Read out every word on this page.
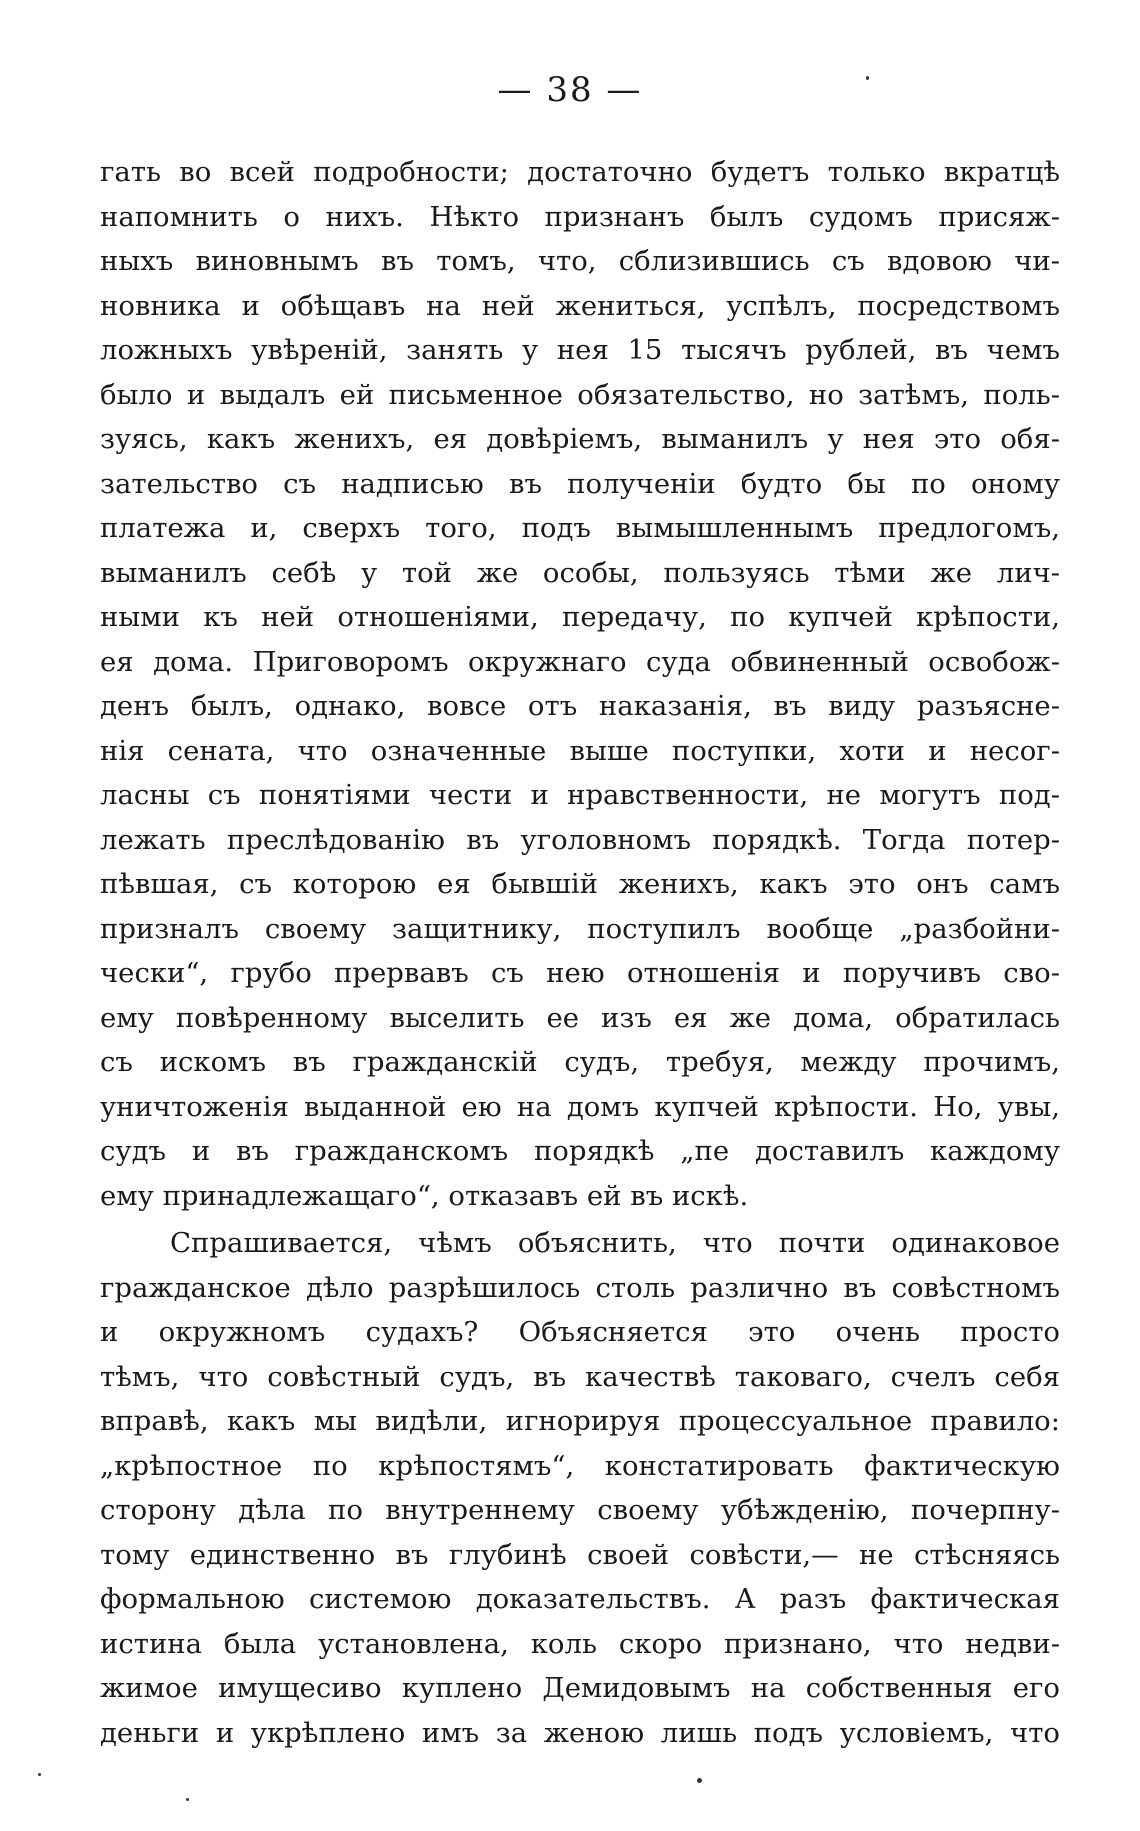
— 38 —
гать во всей подробности; достаточно будетъ только вкратцѣ
напомнить о нихъ. Нѣкто признанъ былъ судомъ присяж-
ныхъ виновнымъ въ томъ, что, сблизившись съ вдовою чи-
новника и обѣщавъ на ней жениться, успѣлъ, посредствомъ
ложныхъ увѣреній, занять у нея 15 тысячъ рублей, въ чемъ
было и выдалъ ей письменное обязательство, но затѣмъ, поль-
зуясь, какъ женихъ, ея довѣріемъ, выманилъ у нея это обя-
зательство съ надписью въ полученіи будто бы по оному
платежа и, сверхъ того, подъ вымышленнымъ предлогомъ,
выманилъ себѣ у той же особы, пользуясь тѣми же лич-
ными къ ней отношеніями, передачу, по купчей крѣпости,
ея дома. Приговоромъ окружнаго суда обвиненный освобож-
денъ былъ, однако, вовсе отъ наказанія, въ виду разъясне-
нія сената, что означенные выше поступки, хоти и несог-
ласны съ понятіями чести и нравственности, не могутъ под-
лежать преслѣдованію въ уголовномъ порядкѣ. Тогда потер-
пѣвшая, съ которою ея бывшій женихъ, какъ это онъ самъ
призналъ своему защитнику, поступилъ вообще „разбойни-
чески“, грубо прервавъ съ нею отношенія и поручивъ сво-
ему повѣренному выселить ее изъ ея же дома, обратилась
съ искомъ въ гражданскій судъ, требуя, между прочимъ,
уничтоженія выданной ею на домъ купчей крѣпости. Но, увы,
судъ и въ гражданскомъ порядкѣ „пе доставилъ каждому
ему принадлежащаго“, отказавъ ей въ искѣ.
Спрашивается, чѣмъ объяснить, что почти одинаковое
гражданское дѣло разрѣшилось столь различно въ совѣстномъ
и окружномъ судахъ? Объясняется это очень просто
тѣмъ, что совѣстный судъ, въ качествѣ таковаго, счелъ себя
вправѣ, какъ мы видѣли, игнорируя процессуальное правило:
„крѣпостное по крѣпостямъ“, констатировать фактическую
сторону дѣла по внутреннему своему убѣжденію, почерпну-
тому единственно въ глубинѣ своей совѣсти,— не стѣсняясь
формальною системою доказательствъ. А разъ фактическая
истина была установлена, коль скоро признано, что недви-
жимое имущесиво куплено Демидовымъ на собственныя его
деньги и укрѣплено имъ за женою лишь подъ условіемъ, что
